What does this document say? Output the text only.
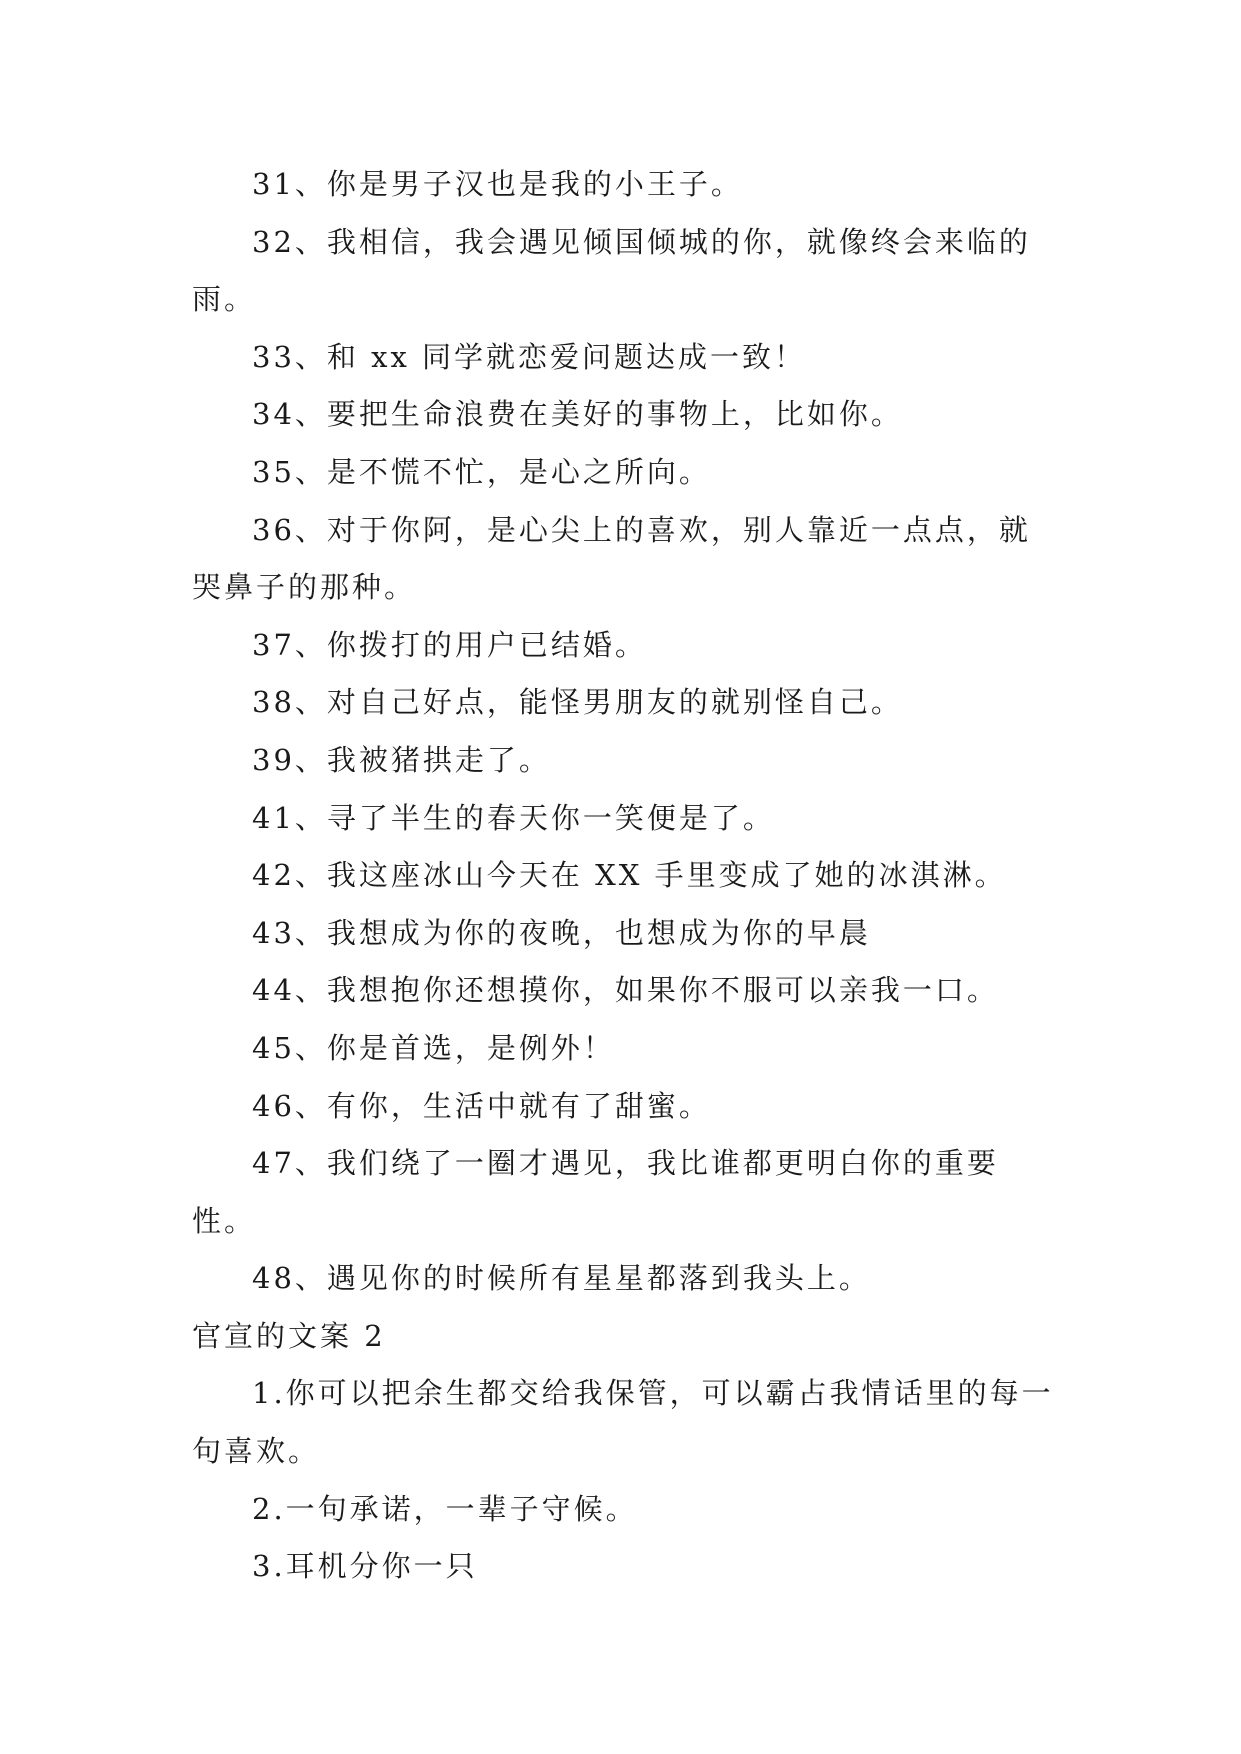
31、你是男子汉也是我的小王子。

32、我相信，我会遇见倾国倾城的你，就像终会来临的雨。

33、和 xx 同学就恋爱问题达成一致！

34、要把生命浪费在美好的事物上，比如你。

35、是不慌不忙，是心之所向。

36、对于你阿，是心尖上的喜欢，别人靠近一点点，就哭鼻子的那种。

37、你拨打的用户已结婚。

38、对自己好点，能怪男朋友的就别怪自己。

39、我被猪拱走了。

41、寻了半生的春天你一笑便是了。

42、我这座冰山今天在 XX 手里变成了她的冰淇淋。

43、我想成为你的夜晚，也想成为你的早晨

44、我想抱你还想摸你，如果你不服可以亲我一口。

45、你是首选，是例外！

46、有你，生活中就有了甜蜜。

47、我们绕了一圈才遇见，我比谁都更明白你的重要性。

48、遇见你的时候所有星星都落到我头上。

官宣的文案 2

1.你可以把余生都交给我保管，可以霸占我情话里的每一句喜欢。

2.一句承诺，一辈子守候。

3.耳机分你一只
